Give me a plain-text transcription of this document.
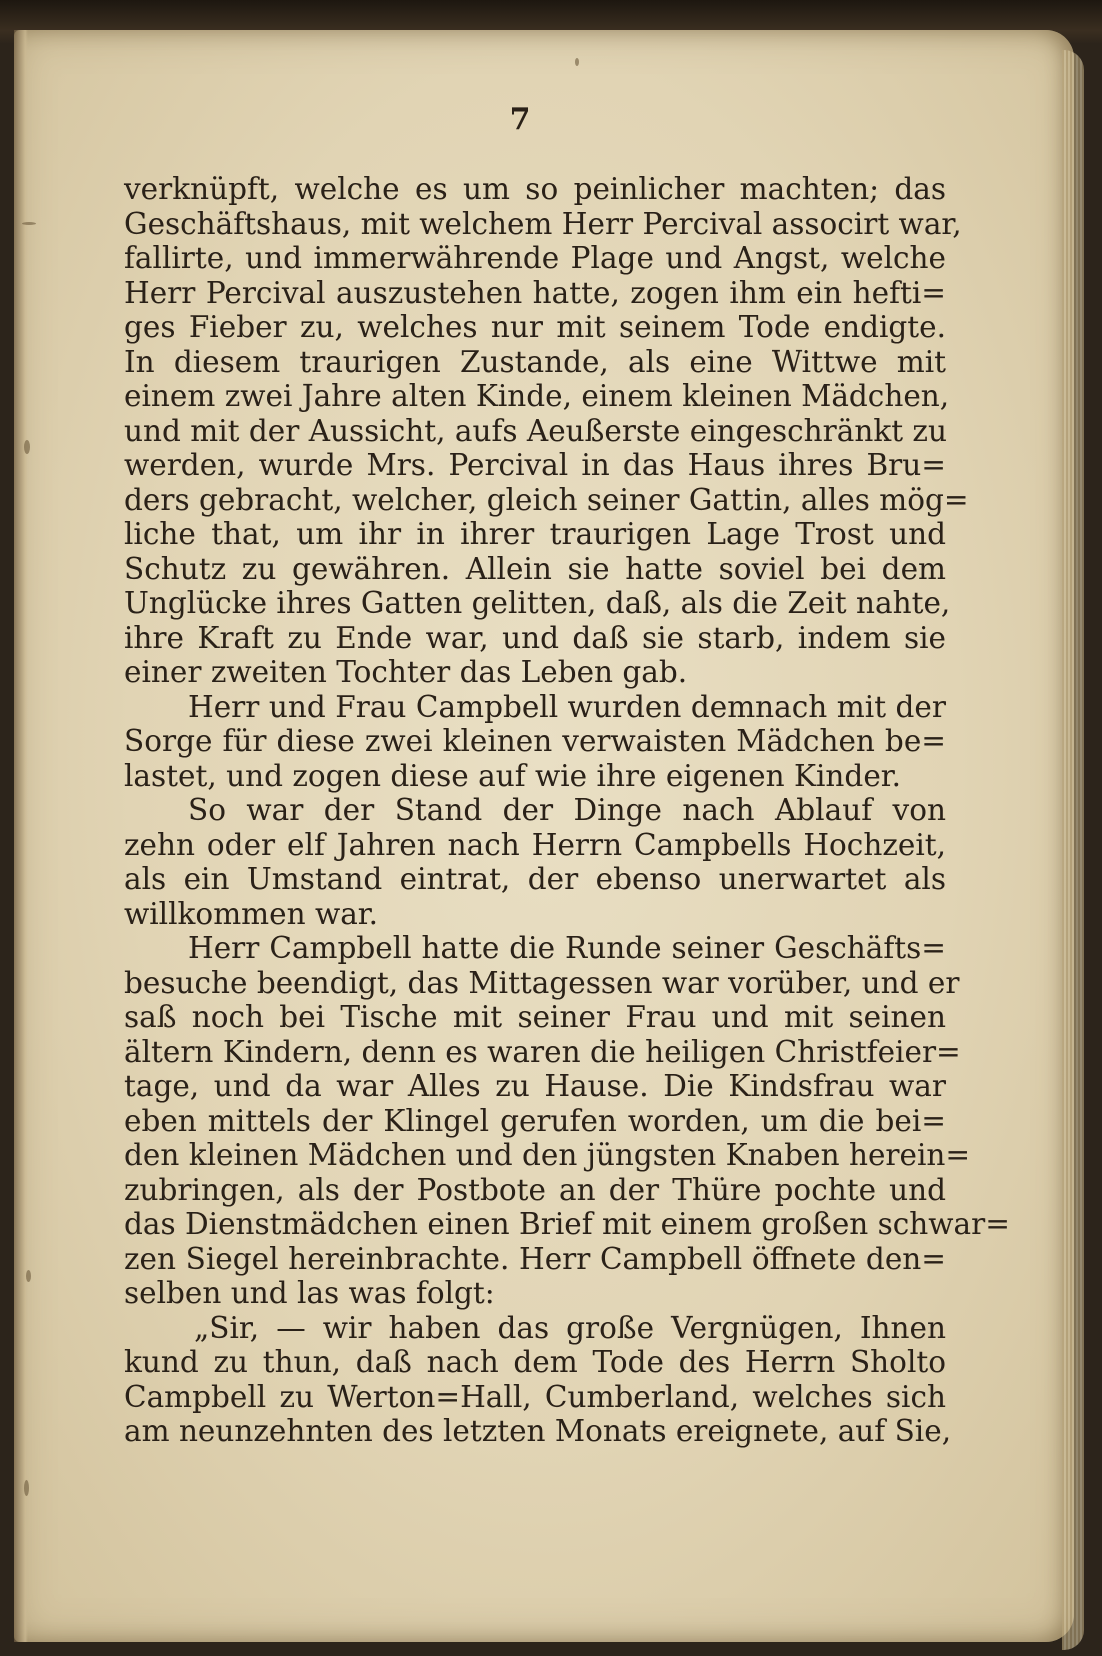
7
verknüpft, welche es um so peinlicher machten; das
Geschäftshaus, mit welchem Herr Percival associrt war,
fallirte, und immerwährende Plage und Angst, welche
Herr Percival auszustehen hatte, zogen ihm ein hefti=
ges Fieber zu, welches nur mit seinem Tode endigte.
In diesem traurigen Zustande, als eine Wittwe mit
einem zwei Jahre alten Kinde, einem kleinen Mädchen,
und mit der Aussicht, aufs Aeußerste eingeschränkt zu
werden, wurde Mrs. Percival in das Haus ihres Bru=
ders gebracht, welcher, gleich seiner Gattin, alles mög=
liche that, um ihr in ihrer traurigen Lage Trost und
Schutz zu gewähren. Allein sie hatte soviel bei dem
Unglücke ihres Gatten gelitten, daß, als die Zeit nahte,
ihre Kraft zu Ende war, und daß sie starb, indem sie
einer zweiten Tochter das Leben gab.
Herr und Frau Campbell wurden demnach mit der
Sorge für diese zwei kleinen verwaisten Mädchen be=
lastet, und zogen diese auf wie ihre eigenen Kinder.
So war der Stand der Dinge nach Ablauf von
zehn oder elf Jahren nach Herrn Campbells Hochzeit,
als ein Umstand eintrat, der ebenso unerwartet als
willkommen war.
Herr Campbell hatte die Runde seiner Geschäfts=
besuche beendigt, das Mittagessen war vorüber, und er
saß noch bei Tische mit seiner Frau und mit seinen
ältern Kindern, denn es waren die heiligen Christfeier=
tage, und da war Alles zu Hause. Die Kindsfrau war
eben mittels der Klingel gerufen worden, um die bei=
den kleinen Mädchen und den jüngsten Knaben herein=
zubringen, als der Postbote an der Thüre pochte und
das Dienstmädchen einen Brief mit einem großen schwar=
zen Siegel hereinbrachte. Herr Campbell öffnete den=
selben und las was folgt:
„Sir, — wir haben das große Vergnügen, Ihnen
kund zu thun, daß nach dem Tode des Herrn Sholto
Campbell zu Werton=Hall, Cumberland, welches sich
am neunzehnten des letzten Monats ereignete, auf Sie,
